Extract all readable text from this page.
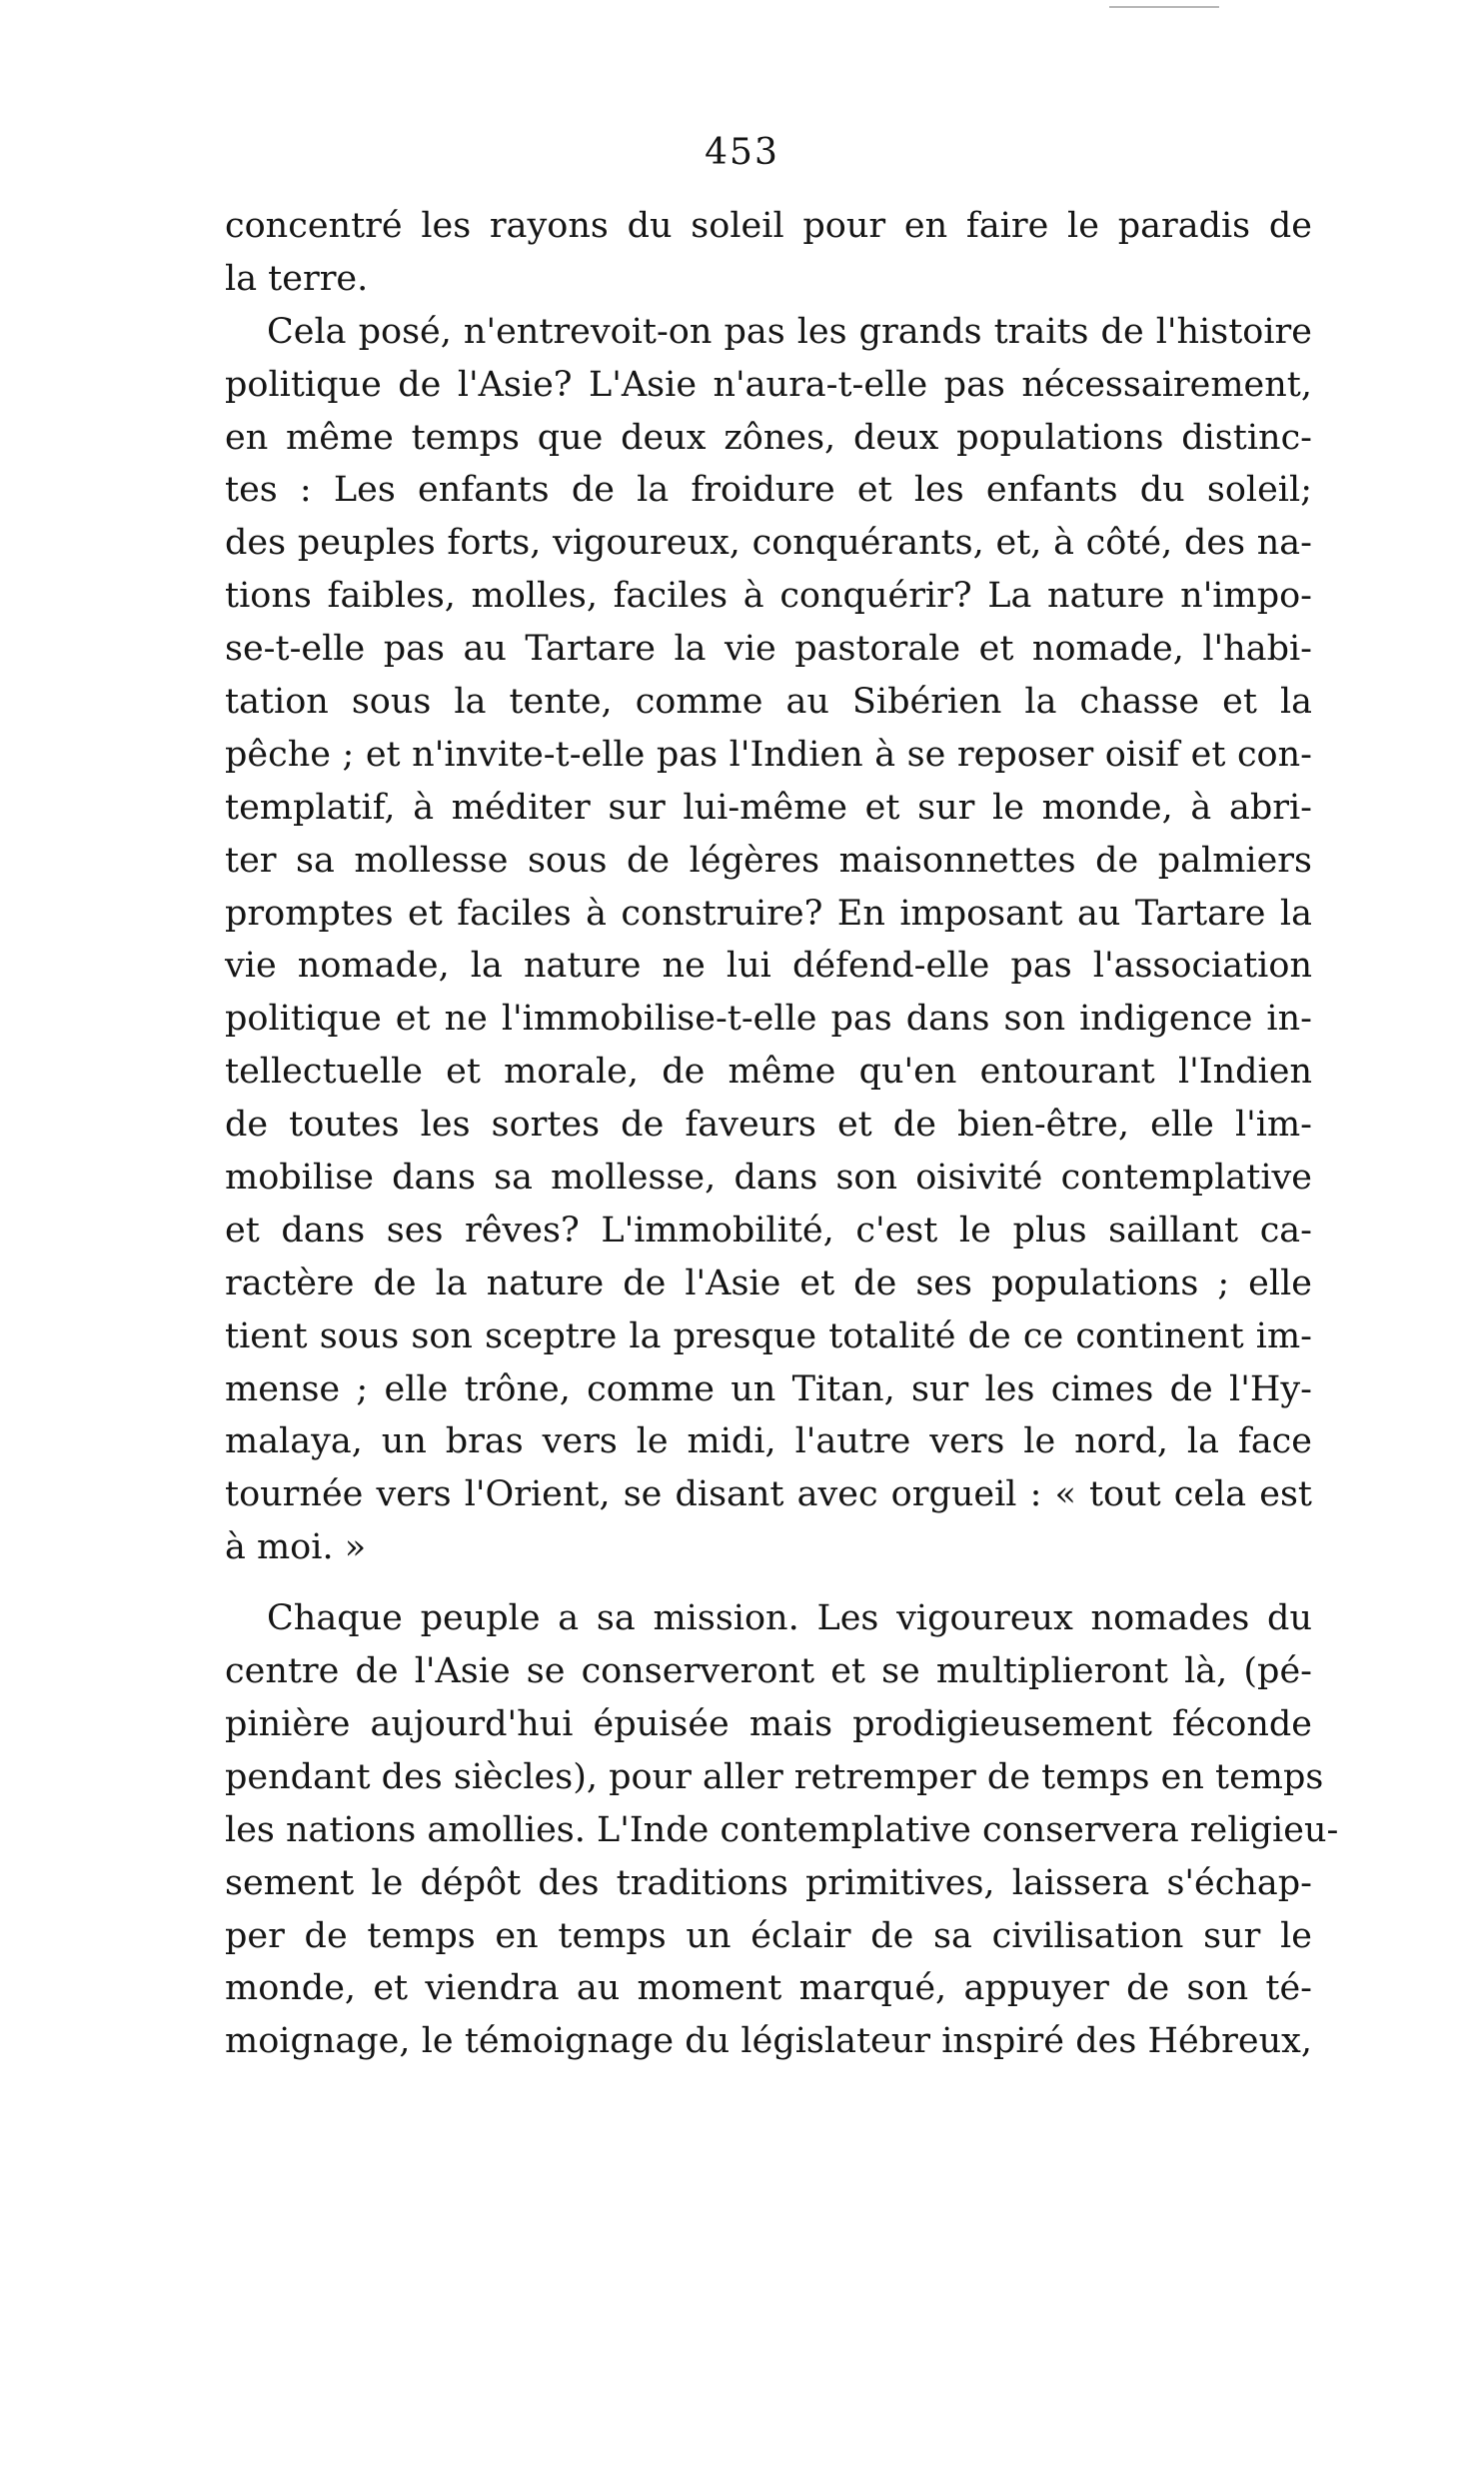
453
concentré les rayons du soleil pour en faire le paradis de
la terre.
Cela posé, n'entrevoit-on pas les grands traits de l'histoire
politique de l'Asie? L'Asie n'aura-t-elle pas nécessairement,
en même temps que deux zônes, deux populations distinc-
tes : Les enfants de la froidure et les enfants du soleil;
des peuples forts, vigoureux, conquérants, et, à côté, des na-
tions faibles, molles, faciles à conquérir? La nature n'impo-
se-t-elle pas au Tartare la vie pastorale et nomade, l'habi-
tation sous la tente, comme au Sibérien la chasse et la
pêche ; et n'invite-t-elle pas l'Indien à se reposer oisif et con-
templatif, à méditer sur lui-même et sur le monde, à abri-
ter sa mollesse sous de légères maisonnettes de palmiers
promptes et faciles à construire? En imposant au Tartare la
vie nomade, la nature ne lui défend-elle pas l'association
politique et ne l'immobilise-t-elle pas dans son indigence in-
tellectuelle et morale, de même qu'en entourant l'Indien
de toutes les sortes de faveurs et de bien-être, elle l'im-
mobilise dans sa mollesse, dans son oisivité contemplative
et dans ses rêves? L'immobilité, c'est le plus saillant ca-
ractère de la nature de l'Asie et de ses populations ; elle
tient sous son sceptre la presque totalité de ce continent im-
mense ; elle trône, comme un Titan, sur les cimes de l'Hy-
malaya, un bras vers le midi, l'autre vers le nord, la face
tournée vers l'Orient, se disant avec orgueil : « tout cela est
à moi. »
Chaque peuple a sa mission. Les vigoureux nomades du
centre de l'Asie se conserveront et se multiplieront là, (pé-
pinière aujourd'hui épuisée mais prodigieusement féconde
pendant des siècles), pour aller retremper de temps en temps
les nations amollies. L'Inde contemplative conservera religieu-
sement le dépôt des traditions primitives, laissera s'échap-
per de temps en temps un éclair de sa civilisation sur le
monde, et viendra au moment marqué, appuyer de son té-
moignage, le témoignage du législateur inspiré des Hébreux,
